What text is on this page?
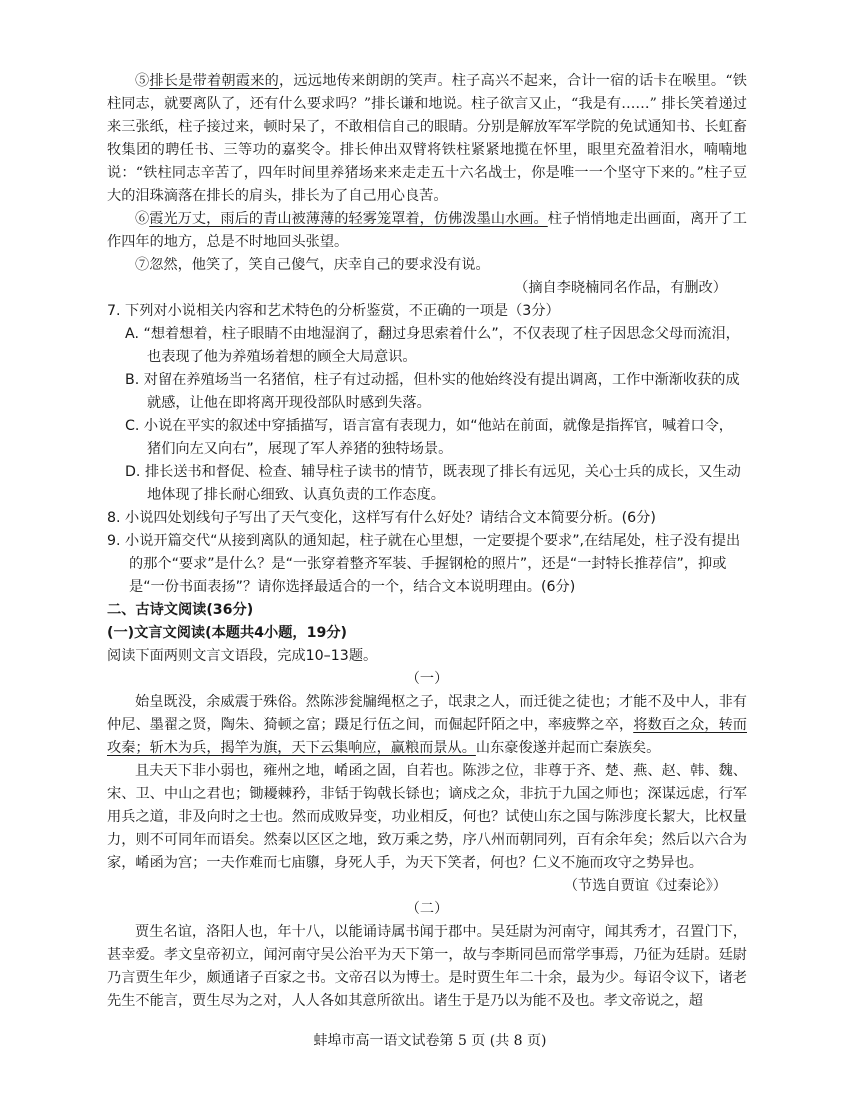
⑤排长是带着朝霞来的，远远地传来朗朗的笑声。柱子高兴不起来，合计一宿的话卡在喉里。“铁柱同志，就要离队了，还有什么要求吗？”排长谦和地说。柱子欲言又止，“我是有……” 排长笑着递过来三张纸，柱子接过来，顿时呆了，不敢相信自己的眼睛。分别是解放军军学院的免试通知书、长虹畜牧集团的聘任书、三等功的嘉奖令。排长伸出双臂将铁柱紧紧地揽在怀里，眼里充盈着泪水，喃喃地说：“铁柱同志辛苦了，四年时间里养猪场来来走走五十六名战士，你是唯一一个坚守下来的。”柱子豆大的泪珠滴落在排长的肩头，排长为了自己用心良苦。

⑥霞光万丈，雨后的青山被薄薄的轻雾笼罩着，仿佛泼墨山水画。柱子悄悄地走出画面，离开了工作四年的地方，总是不时地回头张望。

⑦忽然，他笑了，笑自己傻气，庆幸自己的要求没有说。

（摘自李晓楠同名作品，有删改）

7. 下列对小说相关内容和艺术特色的分析鉴赏，不正确的一项是（3分）

A. “想着想着，柱子眼睛不由地湿润了，翻过身思索着什么”，不仅表现了柱子因思念父母而流泪，也表现了他为养殖场着想的顾全大局意识。

B. 对留在养殖场当一名猪倌，柱子有过动摇，但朴实的他始终没有提出调离，工作中渐渐收获的成就感，让他在即将离开现役部队时感到失落。

C. 小说在平实的叙述中穿插描写，语言富有表现力，如“他站在前面，就像是指挥官，喊着口令，猪们向左又向右”，展现了军人养猪的独特场景。

D. 排长送书和督促、检查、辅导柱子读书的情节，既表现了排长有远见，关心士兵的成长，又生动地体现了排长耐心细致、认真负责的工作态度。

8. 小说四处划线句子写出了天气变化，这样写有什么好处？请结合文本简要分析。(6分)

9. 小说开篇交代“从接到离队的通知起，柱子就在心里想，一定要提个要求”,在结尾处，柱子没有提出的那个“要求”是什么？是“一张穿着整齐军装、手握钢枪的照片”，还是“一封特长推荐信”，抑或是“一份书面表扬”？请你选择最适合的一个，结合文本说明理由。(6分)

二、古诗文阅读(36分)

(一)文言文阅读(本题共4小题，19分)

阅读下面两则文言文语段，完成10–13题。

（一）

始皇既没，余威震于殊俗。然陈涉瓮牖绳枢之子，氓隶之人，而迁徙之徒也；才能不及中人，非有仲尼、墨翟之贤，陶朱、猗顿之富；蹑足行伍之间，而倔起阡陌之中，率疲弊之卒，将数百之众，转而攻秦；斩木为兵，揭竿为旗，天下云集响应，赢粮而景从。山东豪俊遂并起而亡秦族矣。

且夫天下非小弱也，雍州之地，崤函之固，自若也。陈涉之位，非尊于齐、楚、燕、赵、韩、魏、宋、卫、中山之君也；锄耰棘矜，非铦于钩戟长铩也；谪戍之众，非抗于九国之师也；深谋远虑，行军用兵之道，非及向时之士也。然而成败异变，功业相反，何也？试使山东之国与陈涉度长絜大，比权量力，则不可同年而语矣。然秦以区区之地，致万乘之势，序八州而朝同列，百有余年矣；然后以六合为家，崤函为宫；一夫作难而七庙隳，身死人手，为天下笑者，何也？仁义不施而攻守之势异也。

（节选自贾谊《过秦论》）

（二）

贾生名谊，洛阳人也，年十八，以能诵诗属书闻于郡中。吴廷尉为河南守，闻其秀才，召置门下，甚幸爱。孝文皇帝初立，闻河南守吴公治平为天下第一，故与李斯同邑而常学事焉，乃征为廷尉。廷尉乃言贾生年少，颇通诸子百家之书。文帝召以为博士。是时贾生年二十余，最为少。每诏令议下，诸老先生不能言，贾生尽为之对，人人各如其意所欲出。诸生于是乃以为能不及也。孝文帝说之，超

蚌埠市高一语文试卷第 5 页 (共 8 页)
